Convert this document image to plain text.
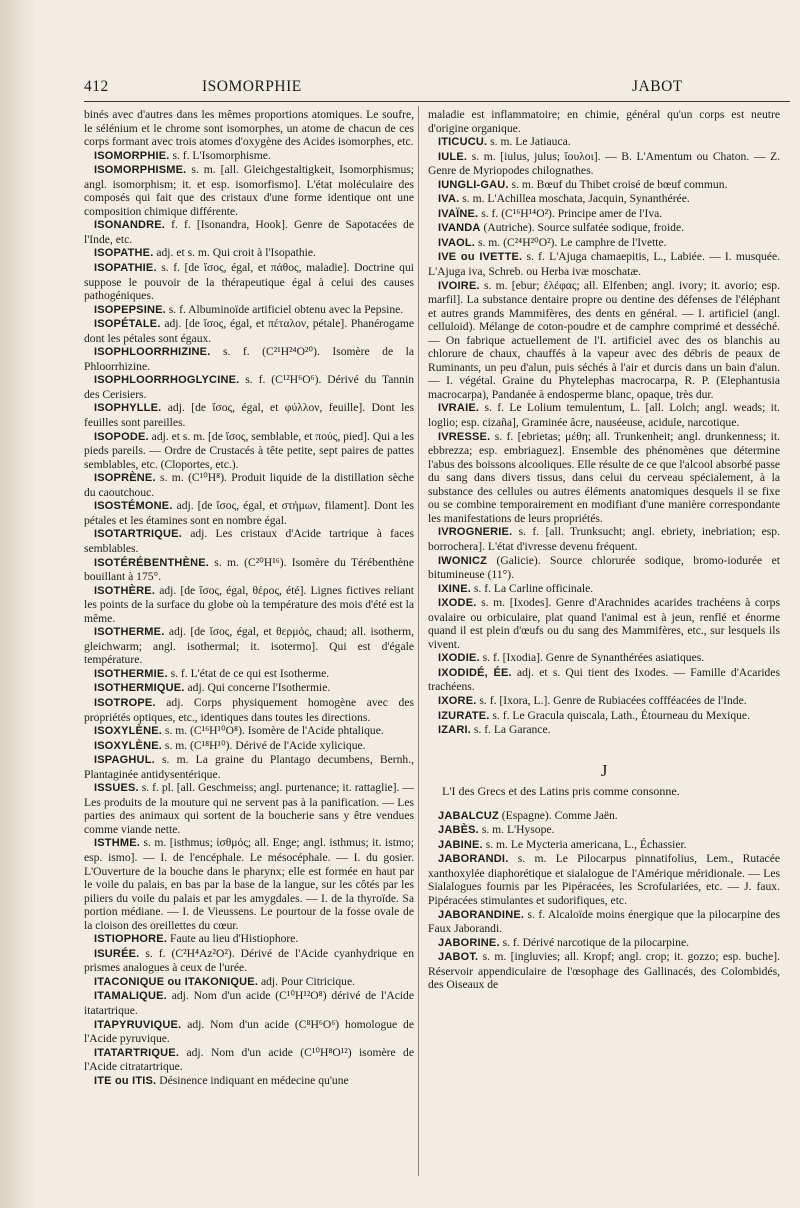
412	ISOMORPHIE	JABOT

binés avec d'autres dans les mêmes proportions atomiques. Le soufre, le sélénium et le chrome sont isomorphes, un atome de chacun de ces corps formant avec trois atomes d'oxygène des Acides isomorphes, etc.

ISOMORPHIE. s. f. L'Isomorphisme.

ISOMORPHISME. s. m. [all. Gleichgestaltigkeit, Isomorphismus; angl. isomorphism; it. et esp. isomorfismo]. L'état moléculaire des composés qui fait que des cristaux d'une forme identique ont une composition chimique différente.

ISONANDRE. f. f. [Isonandra, Hook]. Genre de Sapotacées de l'Inde, etc.

ISOPATHE. adj. et s. m. Qui croit à l'Isopathie.

ISOPATHIE. s. f. [de ἴσος, égal, et πάθος, maladie]. Doctrine qui suppose le pouvoir de la thérapeutique égal à celui des causes pathogéniques.

ISOPEPSINE. s. f. Albuminoïde artificiel obtenu avec la Pepsine.

ISOPÉTALE. adj. [de ἴσος, égal, et πέταλον, pétale]. Phanérogame dont les pétales sont égaux.

ISOPHLOORRHIZINE. s. f. (C²¹H²⁴O²⁰). Isomère de la Phloorrhizine.

ISOPHLOORRHOGLYCINE. s. f. (C¹²H⁶O⁶). Dérivé du Tannin des Cerisiers.

ISOPHYLLE. adj. [de ἴσος, égal, et φύλλον, feuille]. Dont les feuilles sont pareilles.

ISOPODE. adj. et s. m. [de ἴσος, semblable, et πούς, pied]. Qui a les pieds pareils. — Ordre de Crustacés à tête petite, sept paires de pattes semblables, etc. (Cloportes, etc.).

ISOPRÈNE. s. m. (C¹⁰H⁸). Produit liquide de la distillation sèche du caoutchouc.

ISOSTÉMONE. adj. [de ἴσος, égal, et στήμων, filament]. Dont les pétales et les étamines sont en nombre égal.

ISOTARTRIQUE. adj. Les cristaux d'Acide tartrique à faces semblables.

ISOTÉRÉBENTHÈNE. s. m. (C²⁰H¹⁶). Isomère du Térébenthène bouillant à 175°.

ISOTHÈRE. adj. [de ἴσος, égal, θέρος, été]. Lignes fictives reliant les points de la surface du globe où la température des mois d'été est la même.

ISOTHERME. adj. [de ἴσος, égal, et θερμός, chaud; all. isotherm, gleichwarm; angl. isothermal; it. isotermo]. Qui est d'égale température.

ISOTHERMIE. s. f. L'état de ce qui est Isotherme.

ISOTHERMIQUE. adj. Qui concerne l'Isothermie.

ISOTROPE. adj. Corps physiquement homogène avec des propriétés optiques, etc., identiques dans toutes les directions.

ISOXYLÈNE. s. m. (C¹⁶H¹⁰O⁸). Isomère de l'Acide phtalique.

ISOXYLÈNE. s. m. (C¹⁸H¹⁰). Dérivé de l'Acide xylicique.

ISPAGHUL. s. m. La graine du Plantago decumbens, Bernh., Plantaginée antidysentérique.

ISSUES. s. f. pl. [all. Geschmeiss; angl. purtenance; it. rattaglie]. — Les produits de la mouture qui ne servent pas à la panification. — Les parties des animaux qui sortent de la boucherie sans y être vendues comme viande nette.

ISTHME. s. m. [isthmus; ἰσθμός; all. Enge; angl. isthmus; it. istmo; esp. ismo]. — I. de l'encéphale. Le mésocéphale. — I. du gosier. L'Ouverture de la bouche dans le pharynx; elle est formée en haut par le voile du palais, en bas par la base de la langue, sur les côtés par les piliers du voile du palais et par les amygdales. — I. de la thyroïde. Sa portion médiane. — I. de Vieussens. Le pourtour de la fosse ovale de la cloison des oreillettes du cœur.

ISTIOPHORE. Faute au lieu d'Histiophore.

ISURÉE. s. f. (C²H⁴Az²O²). Dérivé de l'Acide cyanhydrique en prismes analogues à ceux de l'urée.

ITACONIQUE ou ITAKONIQUE. adj. Pour Citricique.

ITAMALIQUE. adj. Nom d'un acide (C¹⁰H¹²O⁸) dérivé de l'Acide itatartrique.

ITAPYRUVIQUE. adj. Nom d'un acide (C⁸H⁶O⁶) homologue de l'Acide pyruvique.

ITATARTRIQUE. adj. Nom d'un acide (C¹⁰H⁸O¹²) isomère de l'Acide citratartrique.

ITE ou ITIS. Désinence indiquant en médecine qu'une

maladie est inflammatoire; en chimie, général qu'un corps est neutre d'origine organique.

ITICUCU. s. m. Le Jatiauca.

IULE. s. m. [iulus, julus; ἴουλοι]. — B. L'Amentum ou Chaton. — Z. Genre de Myriopodes chilognathes.

IUNGLI-GAU. s. m. Bœuf du Thibet croisé de bœuf commun.

IVA. s. m. L'Achillea moschata, Jacquin, Synanthérée.

IVAÏNE. s. f. (C¹⁶H¹⁴O²). Principe amer de l'Iva.

IVANDA (Autriche). Source sulfatée sodique, froide.

IVAOL. s. m. (C²⁴H²⁰O²). Le camphre de l'Ivette.

IVE ou IVETTE. s. f. L'Ajuga chamaepitis, L., Labiée. — I. musquée. L'Ajuga iva, Schreb. ou Herba ivæ moschatæ.

IVOIRE. s. m. [ebur; ἐλέφας; all. Elfenben; angl. ivory; it. avorio; esp. marfil]. La substance dentaire propre ou dentine des défenses de l'éléphant et autres grands Mammifères, des dents en général. — I. artificiel (angl. celluloid). Mélange de coton-poudre et de camphre comprimé et desséché. — On fabrique actuellement de l'I. artificiel avec des os blanchis au chlorure de chaux, chauffés à la vapeur avec des débris de peaux de Ruminants, un peu d'alun, puis séchés à l'air et durcis dans un bain d'alun. — I. végétal. Graine du Phytelephas macrocarpa, R. P. (Elephantusia macrocarpa), Pandanée à endosperme blanc, opaque, très dur.

IVRAIE. s. f. Le Lolium temulentum, L. [all. Lolch; angl. weads; it. loglio; esp. cizaña], Graminée âcre, nauséeuse, acidule, narcotique.

IVRESSE. s. f. [ebrietas; μέθη; all. Trunkenheit; angl. drunkenness; it. ebbrezza; esp. embriaguez]. Ensemble des phénomènes que détermine l'abus des boissons alcooliques. Elle résulte de ce que l'alcool absorbé passe du sang dans divers tissus, dans celui du cerveau spécialement, à la substance des cellules ou autres éléments anatomiques desquels il se fixe ou se combine temporairement en modifiant d'une manière correspondante les manifestations de leurs propriétés.

IVROGNERIE. s. f. [all. Trunksucht; angl. ebriety, inebriation; esp. borrochera]. L'état d'ivresse devenu fréquent.

IWONICZ (Galicie). Source chlorurée sodique, bromo-iodurée et bitumineuse (11°).

IXINE. s. f. La Carline officinale.

IXODE. s. m. [Ixodes]. Genre d'Arachnides acarides trachéens à corps ovalaire ou orbiculaire, plat quand l'animal est à jeun, renflé et énorme quand il est plein d'œufs ou du sang des Mammifères, etc., sur lesquels ils vivent.

IXODIE. s. f. [Ixodia]. Genre de Synanthérées asiatiques.

IXODIDÉ, ÉE. adj. et s. Qui tient des Ixodes. — Famille d'Acarides trachéens.

IXORE. s. f. [Ixora, L.]. Genre de Rubiacées coffféacées de l'Inde.

IZURATE. s. f. Le Gracula quiscala, Lath., Étourneau du Mexique.

IZARI. s. f. La Garance.

J

L'I des Grecs et des Latins pris comme consonne.

JABALCUZ (Espagne). Comme Jaën.

JABÈS. s. m. L'Hysope.

JABINE. s. m. Le Mycteria americana, L., Échassier.

JABORANDI. s. m. Le Pilocarpus pinnatifolius, Lem., Rutacée xanthoxylée diaphorétique et sialalogue de l'Amérique méridionale. — Les Sialalogues fournis par les Pipéracées, les Scrofulariées, etc. — J. faux. Pipéracées stimulantes et sudorifiques, etc.

JABORANDINE. s. f. Alcaloïde moins énergique que la pilocarpine des Faux Jaborandi.

JABORINE. s. f. Dérivé narcotique de la pilocarpine.

JABOT. s. m. [ingluvies; all. Kropf; angl. crop; it. gozzo; esp. buche]. Réservoir appendiculaire de l'œsophage des Gallinacés, des Colombidés, des Oiseaux de
